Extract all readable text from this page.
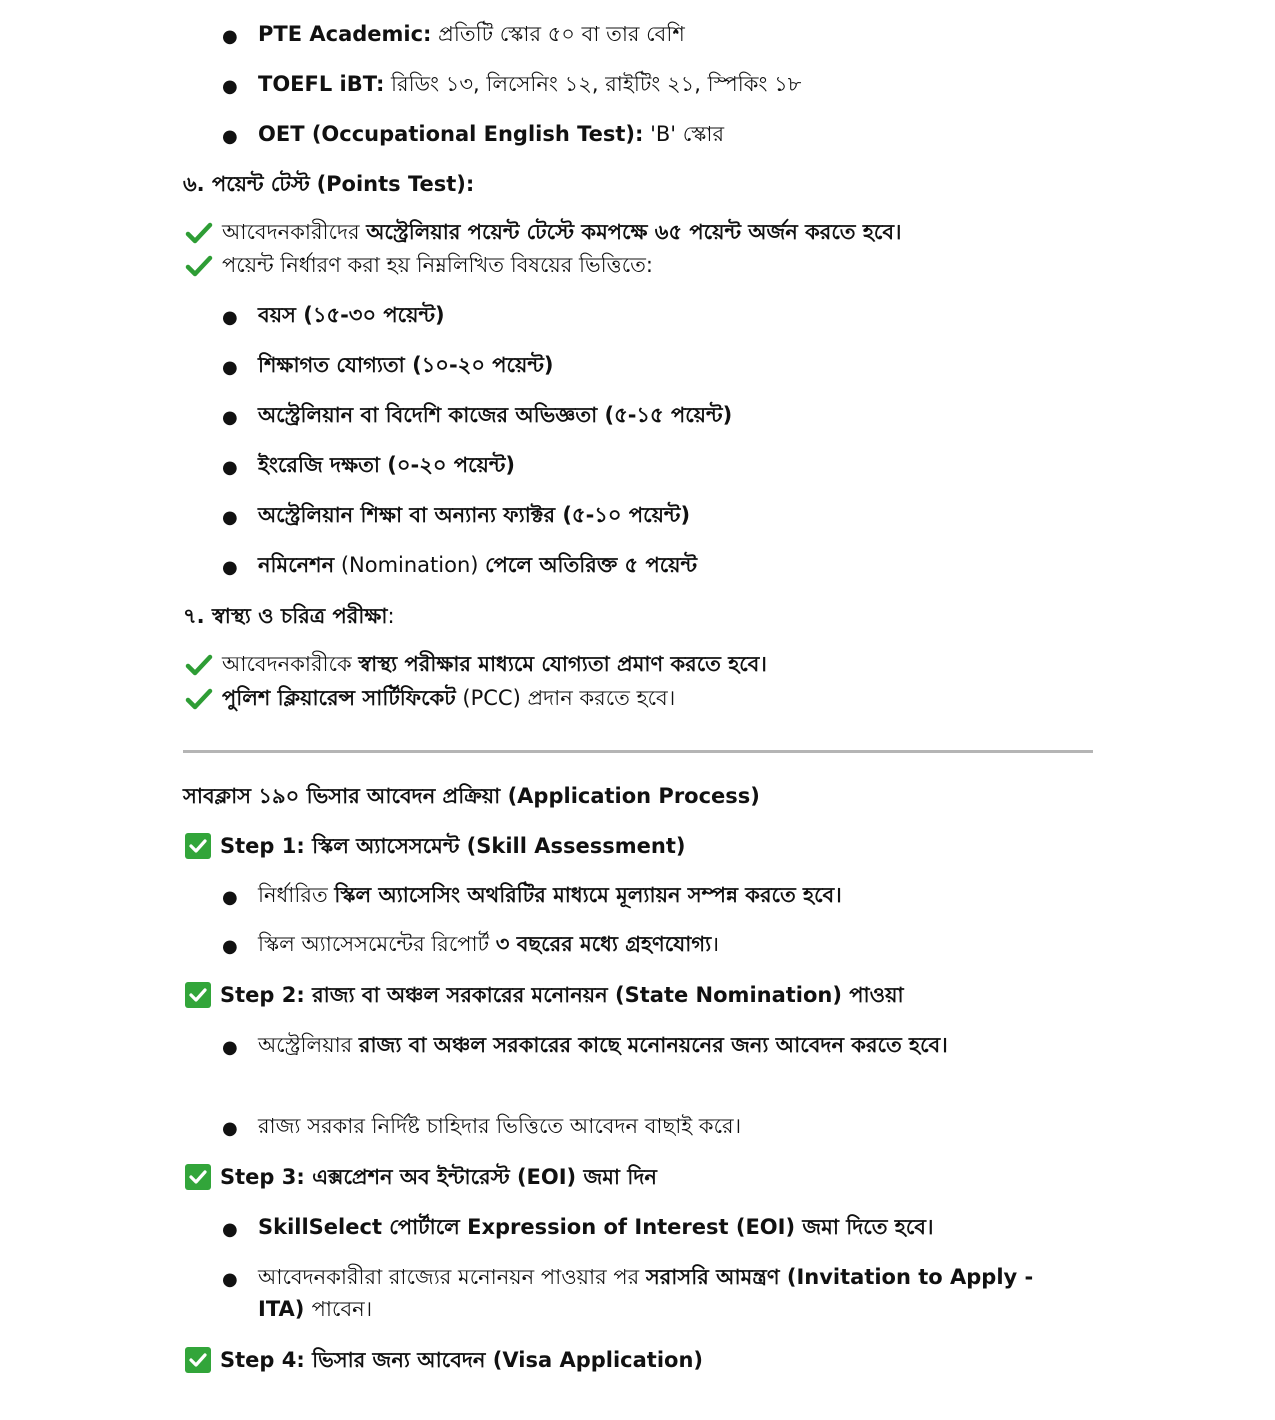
● PTE Academic: প্রতিটি স্কোর ৫০ বা তার বেশি
● TOEFL iBT: রিডিং ১৩, লিসেনিং ১২, রাইটিং ২১, স্পিকিং ১৮
● OET (Occupational English Test): 'B' স্কোর
৬. পয়েন্ট টেস্ট (Points Test):
আবেদনকারীদের অস্ট্রেলিয়ার পয়েন্ট টেস্টে কমপক্ষে ৬৫ পয়েন্ট অর্জন করতে হবে।
পয়েন্ট নির্ধারণ করা হয় নিম্নলিখিত বিষয়ের ভিত্তিতে:
● বয়স (১৫-৩০ পয়েন্ট)
● শিক্ষাগত যোগ্যতা (১০-২০ পয়েন্ট)
● অস্ট্রেলিয়ান বা বিদেশি কাজের অভিজ্ঞতা (৫-১৫ পয়েন্ট)
● ইংরেজি দক্ষতা (০-২০ পয়েন্ট)
● অস্ট্রেলিয়ান শিক্ষা বা অন্যান্য ফ্যাক্টর (৫-১০ পয়েন্ট)
● নমিনেশন (Nomination) পেলে অতিরিক্ত ৫ পয়েন্ট
৭. স্বাস্থ্য ও চরিত্র পরীক্ষা:
আবেদনকারীকে স্বাস্থ্য পরীক্ষার মাধ্যমে যোগ্যতা প্রমাণ করতে হবে।
পুলিশ ক্লিয়ারেন্স সার্টিফিকেট (PCC) প্রদান করতে হবে।
সাবক্লাস ১৯০ ভিসার আবেদন প্রক্রিয়া (Application Process)
Step 1: স্কিল অ্যাসেসমেন্ট (Skill Assessment)
● নির্ধারিত স্কিল অ্যাসেসিং অথরিটির মাধ্যমে মূল্যায়ন সম্পন্ন করতে হবে।
● স্কিল অ্যাসেসমেন্টের রিপোর্ট ৩ বছরের মধ্যে গ্রহণযোগ্য।
Step 2: রাজ্য বা অঞ্চল সরকারের মনোনয়ন (State Nomination) পাওয়া
● অস্ট্রেলিয়ার রাজ্য বা অঞ্চল সরকারের কাছে মনোনয়নের জন্য আবেদন করতে হবে।
● রাজ্য সরকার নির্দিষ্ট চাহিদার ভিত্তিতে আবেদন বাছাই করে।
Step 3: এক্সপ্রেশন অব ইন্টারেস্ট (EOI) জমা দিন
● SkillSelect পোর্টালে Expression of Interest (EOI) জমা দিতে হবে।
● আবেদনকারীরা রাজ্যের মনোনয়ন পাওয়ার পর সরাসরি আমন্ত্রণ (Invitation to Apply - ITA) পাবেন।
Step 4: ভিসার জন্য আবেদন (Visa Application)
